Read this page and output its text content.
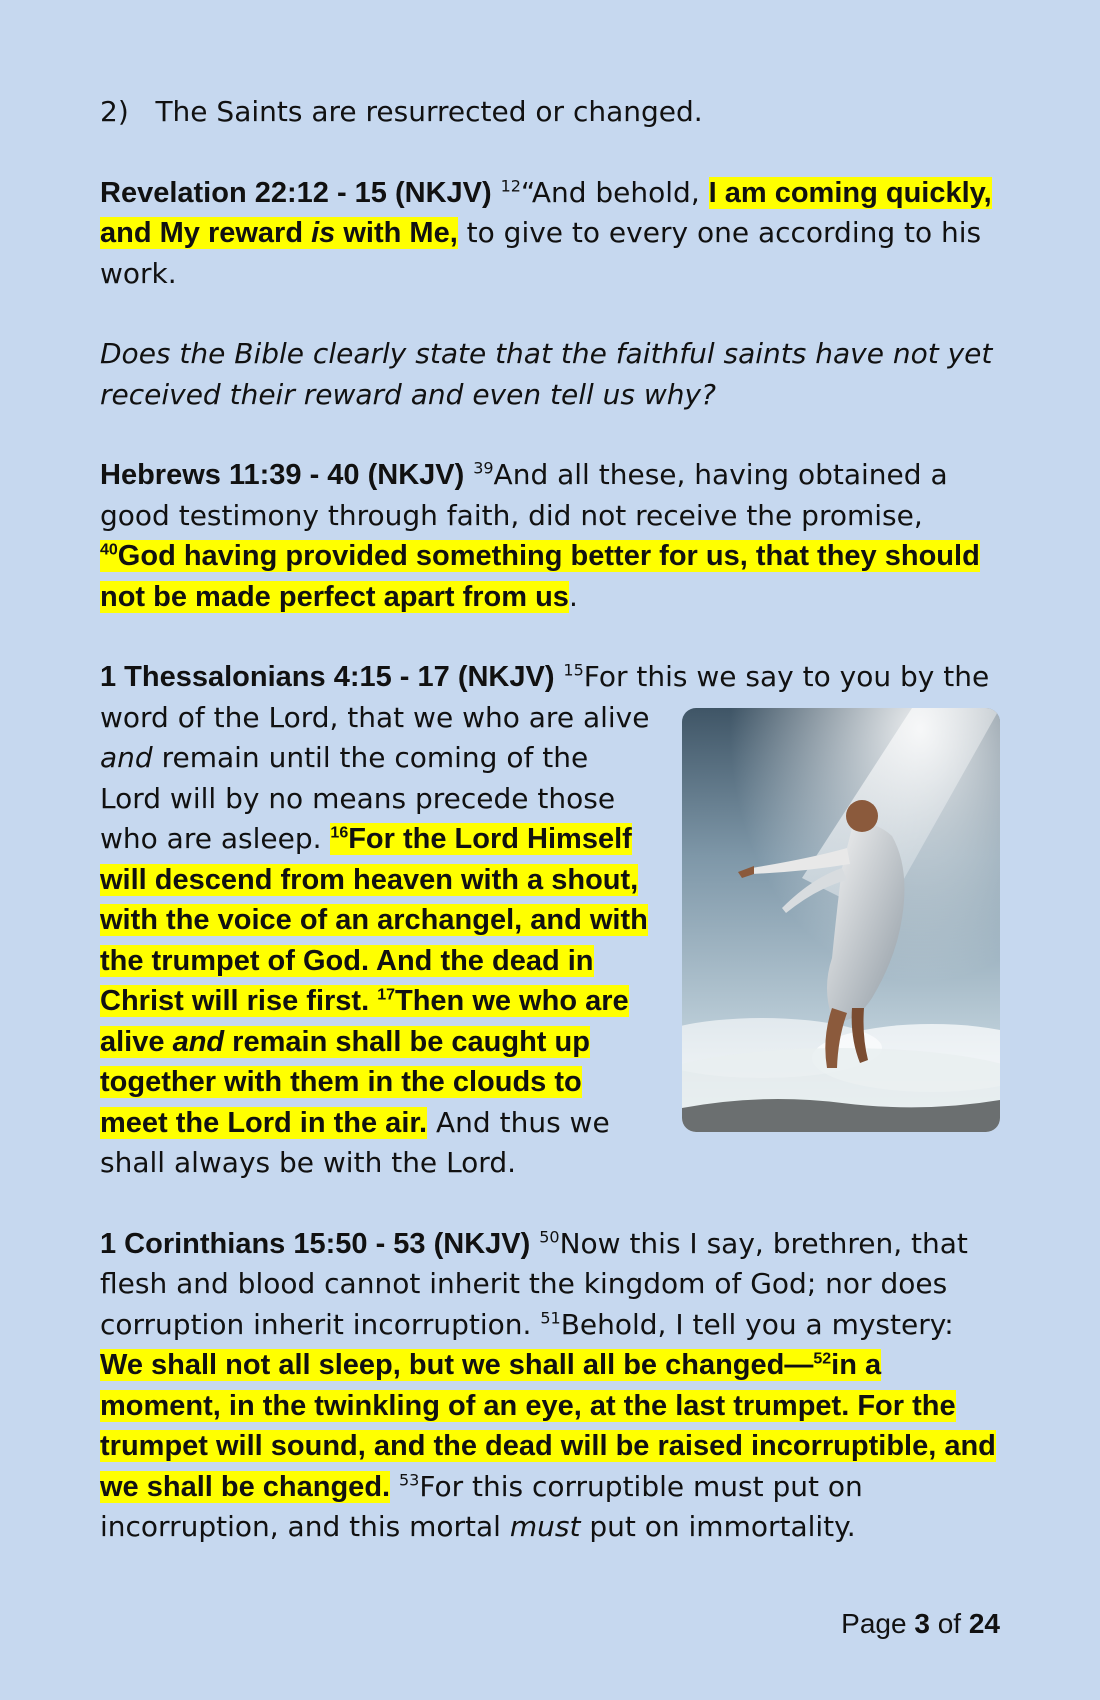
2) The Saints are resurrected or changed.

Revelation 22:12 - 15 (NKJV) $^{12}$“And behold, I am coming quickly, and My reward is with Me, to give to every one according to his work.

Does the Bible clearly state that the faithful saints have not yet received their reward and even tell us why?

Hebrews 11:39 - 40 (NKJV) $^{39}$And all these, having obtained a good testimony through faith, did not receive the promise, $^{40}$God having provided something better for us, that they should not be made perfect apart from us.

1 Thessalonians 4:15 - 17 (NKJV) $^{15}$For this we say to you by the word of the Lord, that we who are alive
and remain until the coming of the Lord will by no means precede those who are asleep. $^{16}$For the Lord Himself will descend from heaven with a shout, with the voice of an archangel, and with the trumpet of God. And the dead in Christ will rise first. $^{17}$Then we who are alive and remain shall be caught up together with them in the clouds to meet the Lord in the air. And thus we shall always be with the Lord.

1 Corinthians 15:50 - 53 (NKJV) $^{50}$Now this I say, brethren, that flesh and blood cannot inherit the kingdom of God; nor does corruption inherit incorruption. $^{51}$Behold, I tell you a mystery: We shall not all sleep, but we shall all be changed—$^{52}$in a moment, in the twinkling of an eye, at the last trumpet. For the trumpet will sound, and the dead will be raised incorruptible, and we shall be changed. $^{53}$For this corruptible must put on incorruption, and this mortal must put on immortality.

Page 3 of 24
